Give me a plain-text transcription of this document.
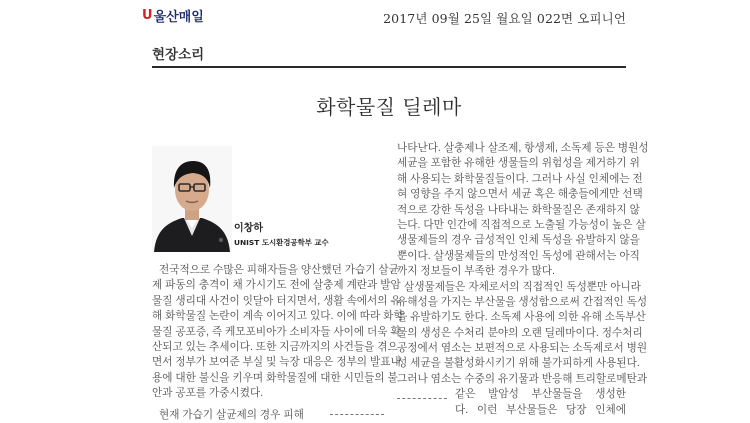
U 울산매일	2017년 09월 25일 월요일 022면 오피니언
현장소리
화학물질 딜레마
이창하
UNIST 도시환경공학부 교수
전국적으로 수많은 피해자들을 양산했던 가습기 살균
제 파동의 충격이 채 가시기도 전에 살충제 계란과 발암
물질 생리대 사건이 잇달아 터지면서, 생활 속에서의 유
해 화학물질 논란이 계속 이어지고 있다. 이에 따라 화학
물질 공포증, 즉 케모포비아가 소비자들 사이에 더욱 확
산되고 있는 추세이다. 또한 지금까지의 사건들을 겪으
면서 정부가 보여준 부실 및 늑장 대응은 정부의 발표내
용에 대한 불신을 키우며 화학물질에 대한 시민들의 불
안과 공포를 가중시켰다.
현재 가습기 살균제의 경우 피해
나타난다. 살충제나 살조제, 항생제, 소독제 등은 병원성
세균을 포함한 유해한 생물들의 위험성을 제거하기 위
해 사용되는 화학물질들이다. 그러나 사실 인체에는 전
혀 영향을 주지 않으면서 세균 혹은 해충들에게만 선택
적으로 강한 독성을 나타내는 화학물질은 존재하지 않
는다. 다만 인간에 직접적으로 노출될 가능성이 높은 살
생물제들의 경우 급성적인 인체 독성을 유발하지 않을
뿐이다. 살생물제들의 만성적인 독성에 관해서는 아직
까지 정보들이 부족한 경우가 많다.
살생물제들은 자체로서의 직접적인 독성뿐만 아니라
유해성을 가지는 부산물을 생성함으로써 간접적인 독성
을 유발하기도 한다. 소독제 사용에 의한 유해 소독부산
물의 생성은 수처리 분야의 오랜 딜레마이다. 정수처리
공정에서 염소는 보편적으로 사용되는 소독제로서 병원
성 세균을 불활성화시키기 위해 불가피하게 사용된다.
그러나 염소는 수중의 유기물과 반응해 트리할로메탄과
같은 발암성 부산물들을 생성한
다. 이런 부산물들은 당장 인체에
